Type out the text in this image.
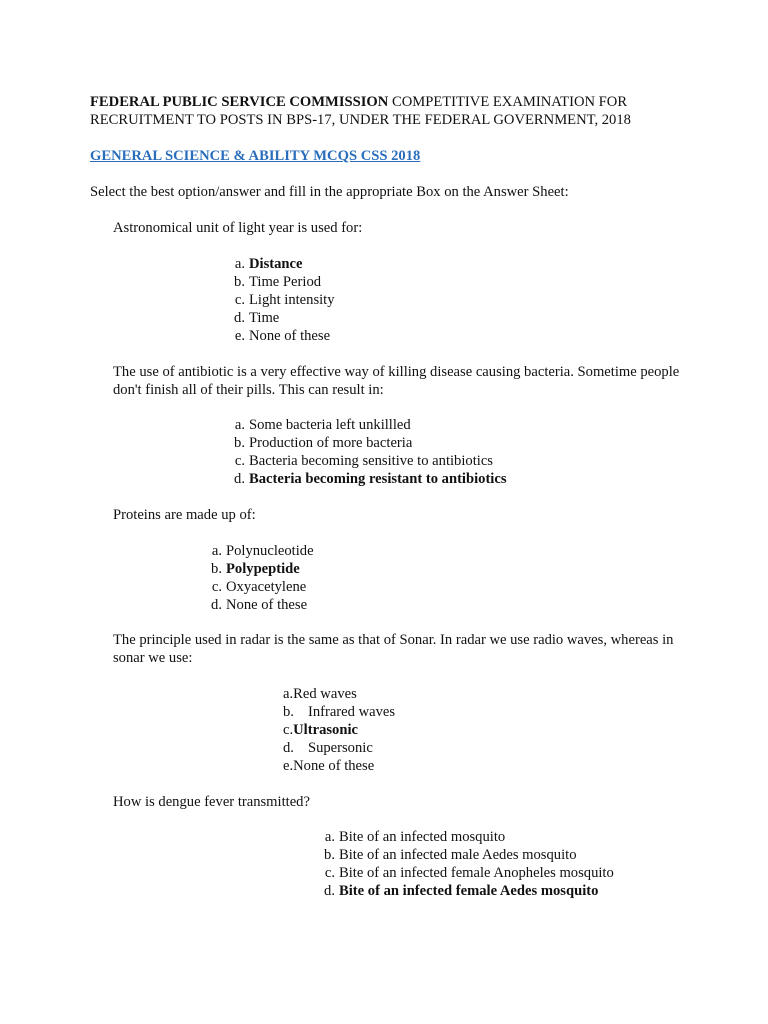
FEDERAL PUBLIC SERVICE COMMISSION COMPETITIVE EXAMINATION FOR RECRUITMENT TO POSTS IN BPS-17, UNDER THE FEDERAL GOVERNMENT, 2018
GENERAL SCIENCE & ABILITY MCQS CSS 2018
Select the best option/answer and fill in the appropriate Box on the Answer Sheet:
Astronomical unit of light year is used for:
a. Distance
b. Time Period
c. Light intensity
d. Time
e. None of these
The use of antibiotic is a very effective way of killing disease causing bacteria. Sometime people don't finish all of their pills. This can result in:
a. Some bacteria left unkillled
b. Production of more bacteria
c. Bacteria becoming sensitive to antibiotics
d. Bacteria becoming resistant to antibiotics
Proteins are made up of:
a. Polynucleotide
b. Polypeptide
c. Oxyacetylene
d. None of these
The principle used in radar is the same as that of Sonar. In radar we use radio waves, whereas in sonar we use:
a.Red waves
b. Infrared waves
c.Ultrasonic
d. Supersonic
e.None of these
How is dengue fever transmitted?
a. Bite of an infected mosquito
b. Bite of an infected male Aedes mosquito
c. Bite of an infected female Anopheles mosquito
d. Bite of an infected female Aedes mosquito
